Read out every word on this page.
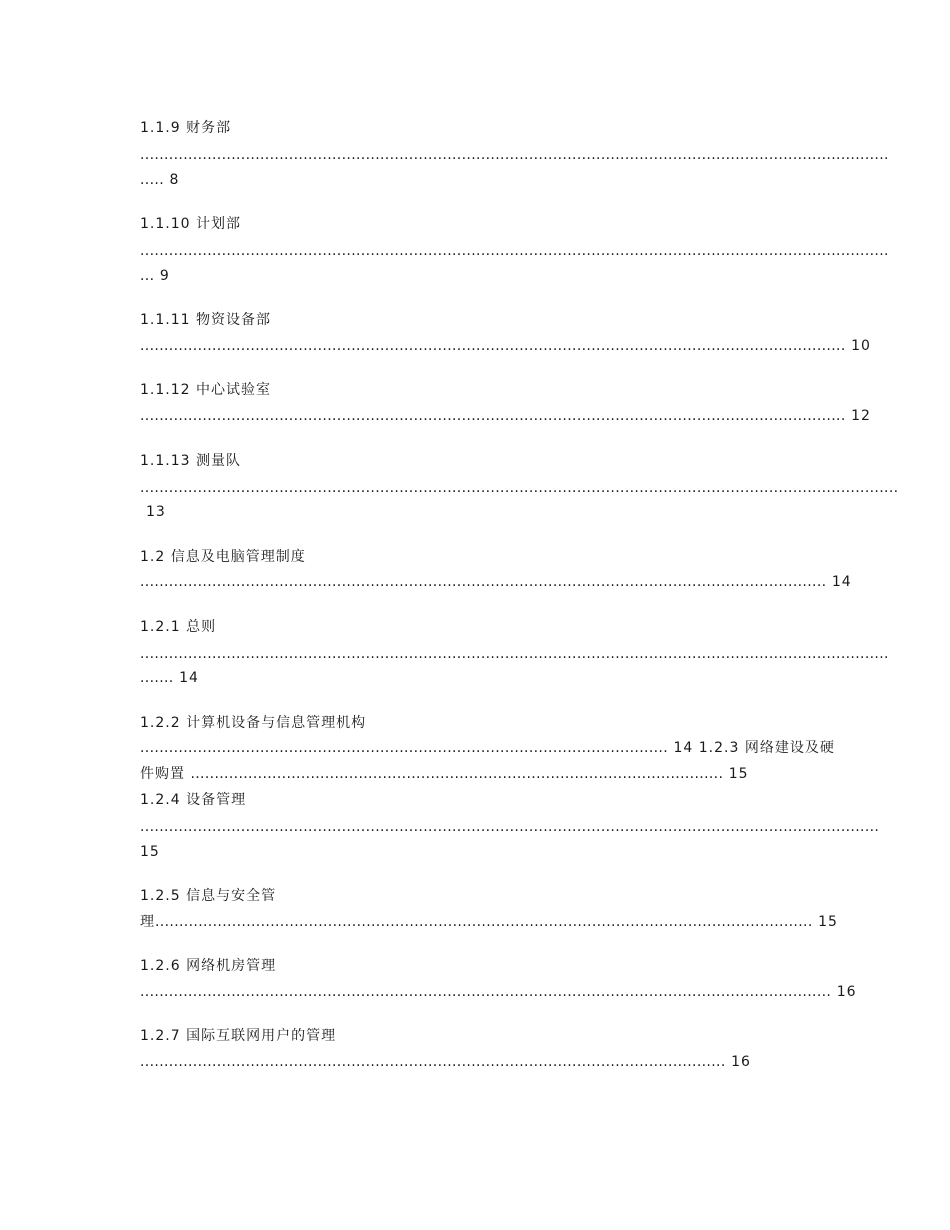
1.1.9 财务部

............................................................................................................................................................

..... 8

1.1.10 计划部

............................................................................................................................................................

... 9

1.1.11 物资设备部

................................................................................................................................................... 10

1.1.12 中心试验室

................................................................................................................................................... 12

1.1.13 测量队

..............................................................................................................................................................

13

1.2 信息及电脑管理制度

............................................................................................................................................... 14

1.2.1 总则

............................................................................................................................................................

....... 14

1.2.2 计算机设备与信息管理机构

.............................................................................................................. 14 1.2.3 网络建设及硬

件购置 ............................................................................................................... 15

1.2.4 设备管理

..........................................................................................................................................................

15

1.2.5 信息与安全管

理......................................................................................................................................... 15

1.2.6 网络机房管理

................................................................................................................................................ 16

1.2.7 国际互联网用户的管理

.......................................................................................................................... 16
